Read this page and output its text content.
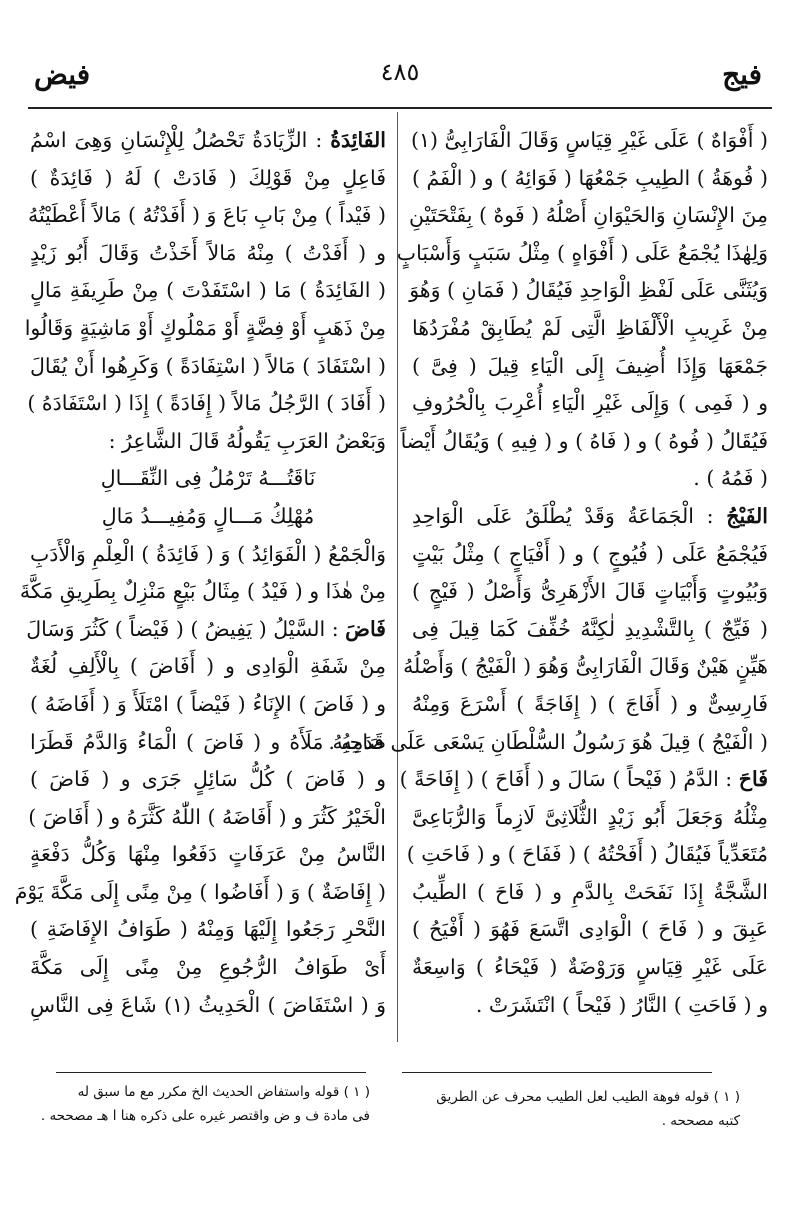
فيج
٤٨٥
فيض
( أَفْوَاهٌ ) عَلَى غَيْرِ قِيَاسٍ وَقَالَ الْفَارَابِىُّ (١)
( فُوهَةُ ) الطِيبِ جَمْعُهَا ( فَوَائِهُ ) و ( الْفَمُ )
مِنَ الإِنْسَانِ وَالحَيْوَانِ أَصْلُهُ ( فَوهٌ ) بِفَتْحَتَيْنِ
وَلِهٰذَا يُجْمَعُ عَلَى ( أَفْوَاهٍ ) مِثْلُ سَبَبٍ وَأَسْبَابٍ
وَيُثَنَّى عَلَى لَفْظِ الْوَاحِدِ فَيُقَالُ ( فَمَانِ ) وَهُوَ
مِنْ غَرِيبِ الْأَلْفَاظِ الَّتِى لَمْ يُطَابِقْ مُفْرَدُهَا
جَمْعَهَا وَإِذَا أُضِيفَ إِلَى الْيَاءِ قِيلَ ( فِىَّ )
و ( فَمِى ) وَإِلَى غَيْرِ الْيَاءِ أُعْرِبَ بِالْحُرُوفِ
فَيُقَالُ ( فُوهُ ) و ( فَاهُ ) و ( فِيهِ ) وَيُقَالُ أَيْضاً
( فَمُهُ ) .
الفَيْجُ : الْجَمَاعَةُ وَقَدْ يُطْلَقُ عَلَى الْوَاحِدِ
فَيُجْمَعُ عَلَى ( فُيُوجٍ ) و ( أَفْيَاجٍ ) مِثْلُ بَيْتٍ
وَبُيُوتٍ وَأَبْيَاتٍ قَالَ الأَزْهَرِىُّ وَأَصْلُ ( فَيْجٍ )
( فَيِّجٌ ) بِالتَّشْدِيدِ لٰكِنَّهُ خُفِّفَ كَمَا قِيلَ فِى
هَيِّنٍ هَيْنٌ وَقَالَ الْفَارَابِىُّ وَهُوَ ( الْفَيْجُ ) وَأَصْلُهُ
فَارِسِىٌّ و ( أَفَاجَ ) ( إِفَاجَةً ) أَسْرَعَ وَمِنْهُ
( الْفَيْجُ ) قِيلَ هُوَ رَسُولُ السُّلْطَانِ يَسْعَى عَلَى قَدَمِهِ .
فَاحَ : الدَّمُ ( فَيْحاً ) سَالَ و ( أَفَاحَ ) ( إِفَاحَةً )
مِثْلُهُ وَجَعَلَ أَبُو زَيْدٍ الثُّلَاثِىَّ لَازِماً وَالرُّبَاعِىَّ
مُتَعَدِّياً فَيُقَالُ ( أَفَحْتُهُ ) ( فَفَاحَ ) و ( فَاحَتِ )
الشَّجَّةُ إِذَا نَفَحَتْ بِالدَّمِ و ( فَاحَ ) الطِّيبُ
عَبِقَ و ( فَاحَ ) الْوَادِى اتَّسَعَ فَهُوَ ( أَفْيَحُ )
عَلَى غَيْرِ قِيَاسٍ وَرَوْضَةٌ ( فَيْحَاءُ ) وَاسِعَةٌ
و ( فَاحَتِ ) النَّارُ ( فَيْحاً ) انْتَشَرَتْ .
الفَائِدَةُ : الزِّيَادَةُ تَحْصُلُ لِلْإِنْسَانِ وَهِىَ اسْمُ
فَاعِلٍ مِنْ قَوْلِكَ ( فَادَتْ ) لَهُ ( فَائِدَةٌ )
( فَيْداً ) مِنْ بَابِ بَاعَ وَ ( أَفَدْتُهُ ) مَالاً أَعْطَيْتُهُ
و ( أَفَدْتُ ) مِنْهُ مَالاً أَخَذْتُ وَقَالَ أَبُو زَيْدٍ
( الفَائِدَةُ ) مَا ( اسْتَفَدْتَ ) مِنْ طَرِيفَةِ مَالٍ
مِنْ ذَهَبٍ أَوْ فِضَّةٍ أَوْ مَمْلُوكٍ أَوْ مَاشِيَةٍ وَقَالُوا
( اسْتَفَادَ ) مَالاً ( اسْتِفَادَةً ) وَكَرِهُوا أَنْ يُقَالَ
( أَفَادَ ) الرَّجُلُ مَالاً ( إِفَادَةً ) إِذَا ( اسْتَفَادَهُ )
وَبَعْضُ العَرَبِ يَقُولُهُ قَالَ الشَّاعِرُ :
نَاقَتُـــهُ تَرْمُلُ فِى النِّقَـــالِ
مُهْلِكُ مَـــالٍ وَمُفِيـــدُ مَالِ
وَالْجَمْعُ ( الْفَوَائِدُ ) وَ ( فَائِدَةُ ) الْعِلْمِ وَالْأَدَبِ
مِنْ هٰذَا و ( فَيْدُ ) مِثَالُ بَيْعٍ مَنْزِلٌ بِطَرِيقِ مَكَّةَ
فَاضَ : السَّيْلُ ( يَفِيضُ ) ( فَيْضاً ) كَثُرَ وَسَالَ
مِنْ شَفَةِ الْوَادِى و ( أَفَاضَ ) بِالْأَلِفِ لُغَةٌ
و ( فَاضَ ) الإِنَاءُ ( فَيْضاً ) امْتَلَأَ وَ ( أَفَاضَهُ )
صَاحِبُهُ مَلَأَهُ و ( فَاضَ ) الْمَاءُ وَالدَّمُ قَطَرَا
و ( فَاضَ ) كُلُّ سَائِلٍ جَرَى و ( فَاضَ )
الْخَيْرُ كَثُرَ و ( أَفَاضَهُ ) اللّٰهُ كَثَّرَهُ و ( أَفَاضَ )
النَّاسُ مِنْ عَرَفَاتٍ دَفَعُوا مِنْهَا وَكُلُّ دَفْعَةٍ
( إِفَاضَةٌ ) وَ ( أَفَاضُوا ) مِنْ مِنًى إِلَى مَكَّةَ يَوْمَ
النَّحْرِ رَجَعُوا إِلَيْهَا وَمِنْهُ ( طَوَافُ الإِفَاضَةِ )
أَىْ طَوَافُ الرُّجُوعِ مِنْ مِنًى إِلَى مَكَّةَ
وَ ( اسْتَفَاضَ ) الْحَدِيثُ (١) شَاعَ فِى النَّاسِ
( ١ ) قوله فوهة الطيب لعل الطيب محرف عن الطريق
كتبه مصححه .
( ١ ) قوله واستفاض الحديث الخ مكرر مع ما سبق له
فى مادة ف و ض واقتصر غيره على ذكره هنا ا هـ مصححه .
